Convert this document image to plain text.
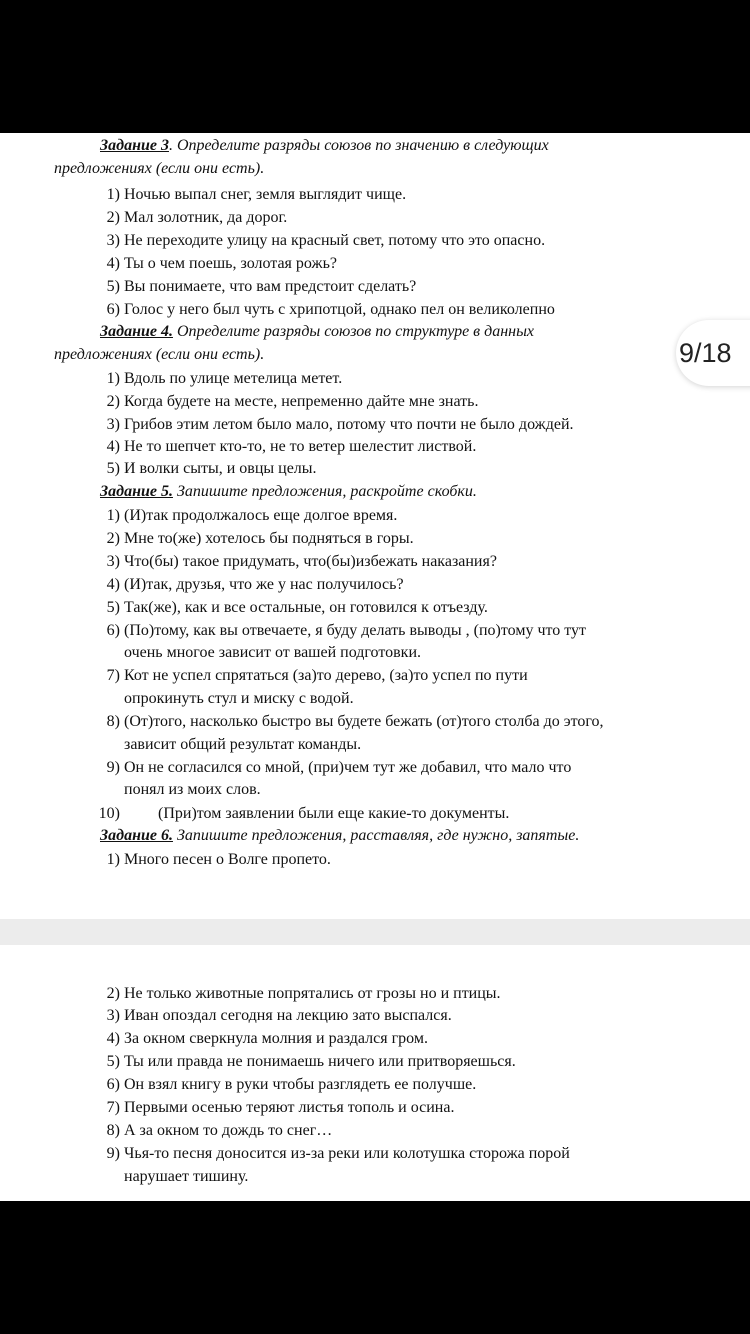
Задание 3. Определите разряды союзов по значению в следующих
предложениях (если они есть).
1) Ночью выпал снег, земля выглядит чище.
2) Мал золотник, да дорог.
3) Не переходите улицу на красный свет, потому что это опасно.
4) Ты о чем поешь, золотая рожь?
5) Вы понимаете, что вам предстоит сделать?
6) Голос у него был чуть с хрипотцой, однако пел он великолепно
Задание 4. Определите разряды союзов по структуре в данных
предложениях (если они есть).
1) Вдоль по улице метелица метет.
2) Когда будете на месте, непременно дайте мне знать.
3) Грибов этим летом было мало, потому что почти не было дождей.
4) Не то шепчет кто-то, не то ветер шелестит листвой.
5) И волки сыты, и овцы целы.
Задание 5. Запишите предложения, раскройте скобки.
1) (И)так продолжалось еще долгое время.
2) Мне то(же) хотелось бы подняться в горы.
3) Что(бы) такое придумать, что(бы)избежать наказания?
4) (И)так, друзья, что же у нас получилось?
5) Так(же), как и все остальные, он готовился к отъезду.
6) (По)тому, как вы отвечаете, я буду делать выводы , (по)тому что тут
очень многое зависит от вашей подготовки.
7) Кот не успел спрятаться (за)то дерево, (за)то успел по пути
опрокинуть стул и миску с водой.
8) (От)того, насколько быстро вы будете бежать (от)того столба до этого,
зависит общий результат команды.
9) Он не согласился со мной, (при)чем тут же добавил, что мало что
понял из моих слов.
10) (При)том заявлении были еще какие-то документы.
Задание 6. Запишите предложения, расставляя, где нужно, запятые.
1) Много песен о Волге пропето.
2) Не только животные попрятались от грозы но и птицы.
3) Иван опоздал сегодня на лекцию зато выспался.
4) За окном сверкнула молния и раздался гром.
5) Ты или правда не понимаешь ничего или притворяешься.
6) Он взял книгу в руки чтобы разглядеть ее получше.
7) Первыми осенью теряют листья тополь и осина.
8) А за окном то дождь то снег…
9) Чья-то песня доносится из-за реки или колотушка сторожа порой
нарушает тишину.
9/18
